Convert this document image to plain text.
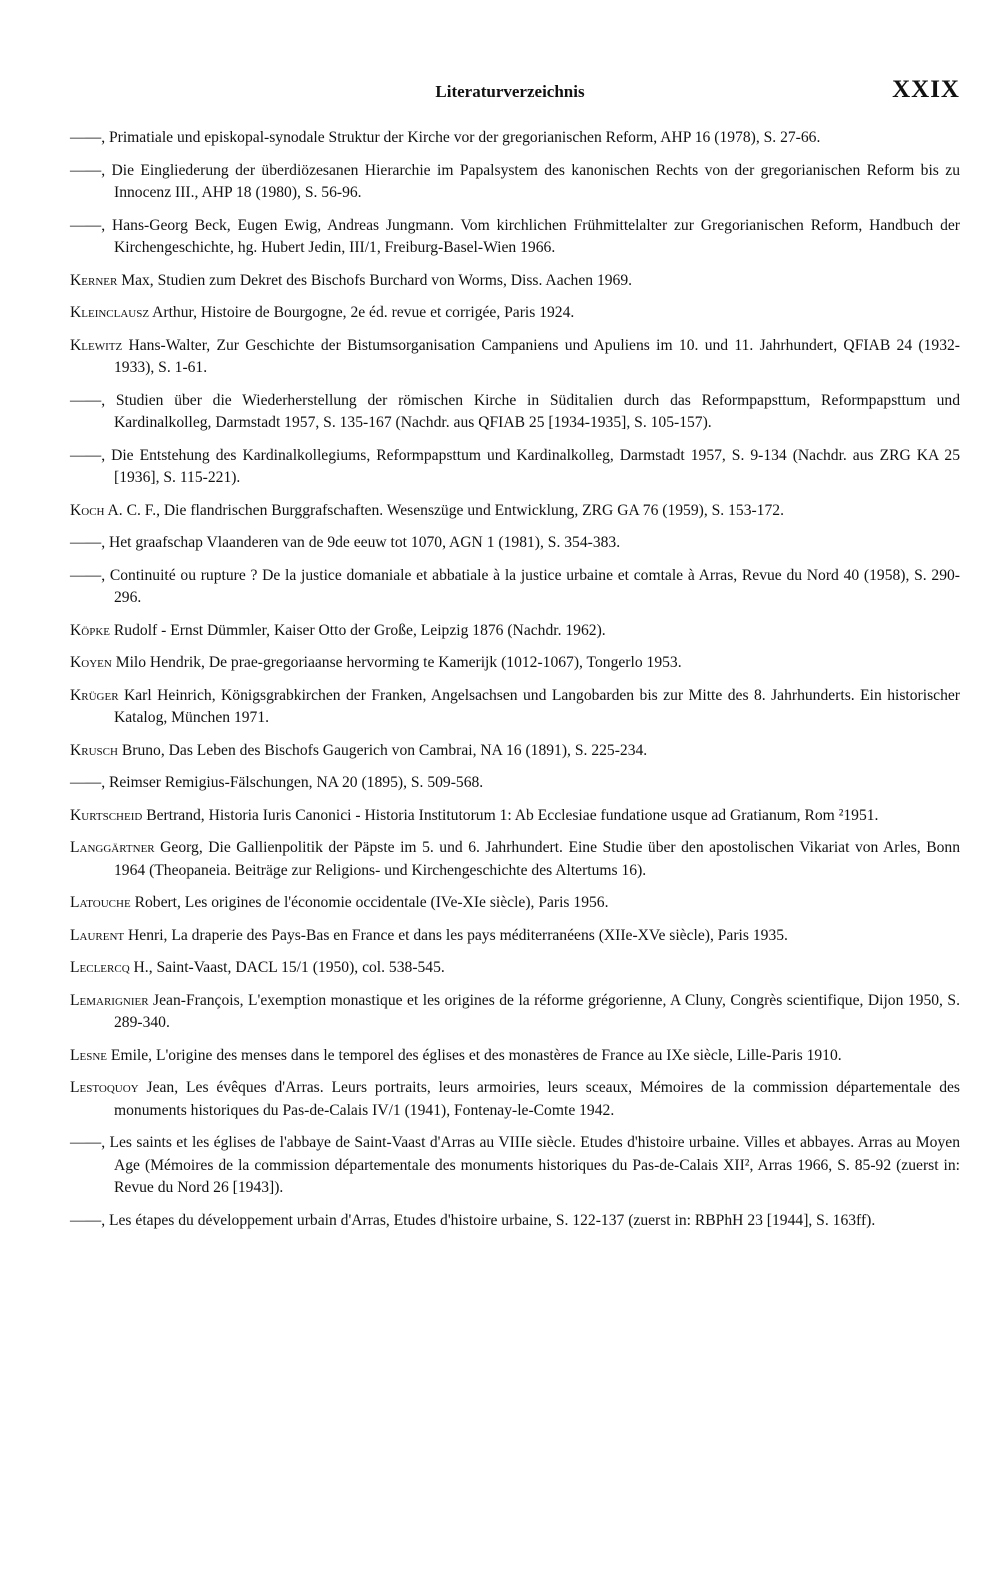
Literaturverzeichnis	XXIX

——, Primatiale und episkopal-synodale Struktur der Kirche vor der gregorianischen Reform, AHP 16 (1978), S. 27-66.

——, Die Eingliederung der überdiözesanen Hierarchie im Papalsystem des kanonischen Rechts von der gregorianischen Reform bis zu Innocenz III., AHP 18 (1980), S. 56-96.

——, Hans-Georg Beck, Eugen Ewig, Andreas Jungmann. Vom kirchlichen Frühmittelalter zur Gregorianischen Reform, Handbuch der Kirchengeschichte, hg. Hubert Jedin, III/1, Freiburg-Basel-Wien 1966.

Kerner Max, Studien zum Dekret des Bischofs Burchard von Worms, Diss. Aachen 1969.

Kleinclausz Arthur, Histoire de Bourgogne, 2e éd. revue et corrigée, Paris 1924.

Klewitz Hans-Walter, Zur Geschichte der Bistumsorganisation Campaniens und Apuliens im 10. und 11. Jahrhundert, QFIAB 24 (1932-1933), S. 1-61.

——, Studien über die Wiederherstellung der römischen Kirche in Süditalien durch das Reformpapsttum, Reformpapsttum und Kardinalkolleg, Darmstadt 1957, S. 135-167 (Nachdr. aus QFIAB 25 [1934-1935], S. 105-157).

——, Die Entstehung des Kardinalkollegiums, Reformpapsttum und Kardinalkolleg, Darmstadt 1957, S. 9-134 (Nachdr. aus ZRG KA 25 [1936], S. 115-221).

Koch A. C. F., Die flandrischen Burggrafschaften. Wesenszüge und Entwicklung, ZRG GA 76 (1959), S. 153-172.

——, Het graafschap Vlaanderen van de 9de eeuw tot 1070, AGN 1 (1981), S. 354-383.

——, Continuité ou rupture ? De la justice domaniale et abbatiale à la justice urbaine et comtale à Arras, Revue du Nord 40 (1958), S. 290-296.

Köpke Rudolf - Ernst Dümmler, Kaiser Otto der Große, Leipzig 1876 (Nachdr. 1962).

Koyen Milo Hendrik, De prae-gregoriaanse hervorming te Kamerijk (1012-1067), Tongerlo 1953.

Krüger Karl Heinrich, Königsgrabkirchen der Franken, Angelsachsen und Langobarden bis zur Mitte des 8. Jahrhunderts. Ein historischer Katalog, München 1971.

Krusch Bruno, Das Leben des Bischofs Gaugerich von Cambrai, NA 16 (1891), S. 225-234.

——, Reimser Remigius-Fälschungen, NA 20 (1895), S. 509-568.

Kurtscheid Bertrand, Historia Iuris Canonici - Historia Institutorum 1: Ab Ecclesiae fundatione usque ad Gratianum, Rom ²1951.

Langgärtner Georg, Die Gallienpolitik der Päpste im 5. und 6. Jahrhundert. Eine Studie über den apostolischen Vikariat von Arles, Bonn 1964 (Theopaneia. Beiträge zur Religions- und Kirchengeschichte des Altertums 16).

Latouche Robert, Les origines de l'économie occidentale (IVe-XIe siècle), Paris 1956.

Laurent Henri, La draperie des Pays-Bas en France et dans les pays méditerranéens (XIIe-XVe siècle), Paris 1935.

Leclercq H., Saint-Vaast, DACL 15/1 (1950), col. 538-545.

Lemarignier Jean-François, L'exemption monastique et les origines de la réforme grégorienne, A Cluny, Congrès scientifique, Dijon 1950, S. 289-340.

Lesne Emile, L'origine des menses dans le temporel des églises et des monastères de France au IXe siècle, Lille-Paris 1910.

Lestoquoy Jean, Les évêques d'Arras. Leurs portraits, leurs armoiries, leurs sceaux, Mémoires de la commission départementale des monuments historiques du Pas-de-Calais IV/1 (1941), Fontenay-le-Comte 1942.

——, Les saints et les églises de l'abbaye de Saint-Vaast d'Arras au VIIIe siècle. Etudes d'histoire urbaine. Villes et abbayes. Arras au Moyen Age (Mémoires de la commission départementale des monuments historiques du Pas-de-Calais XII², Arras 1966, S. 85-92 (zuerst in: Revue du Nord 26 [1943]).

——, Les étapes du développement urbain d'Arras, Etudes d'histoire urbaine, S. 122-137 (zuerst in: RBPhH 23 [1944], S. 163ff).
